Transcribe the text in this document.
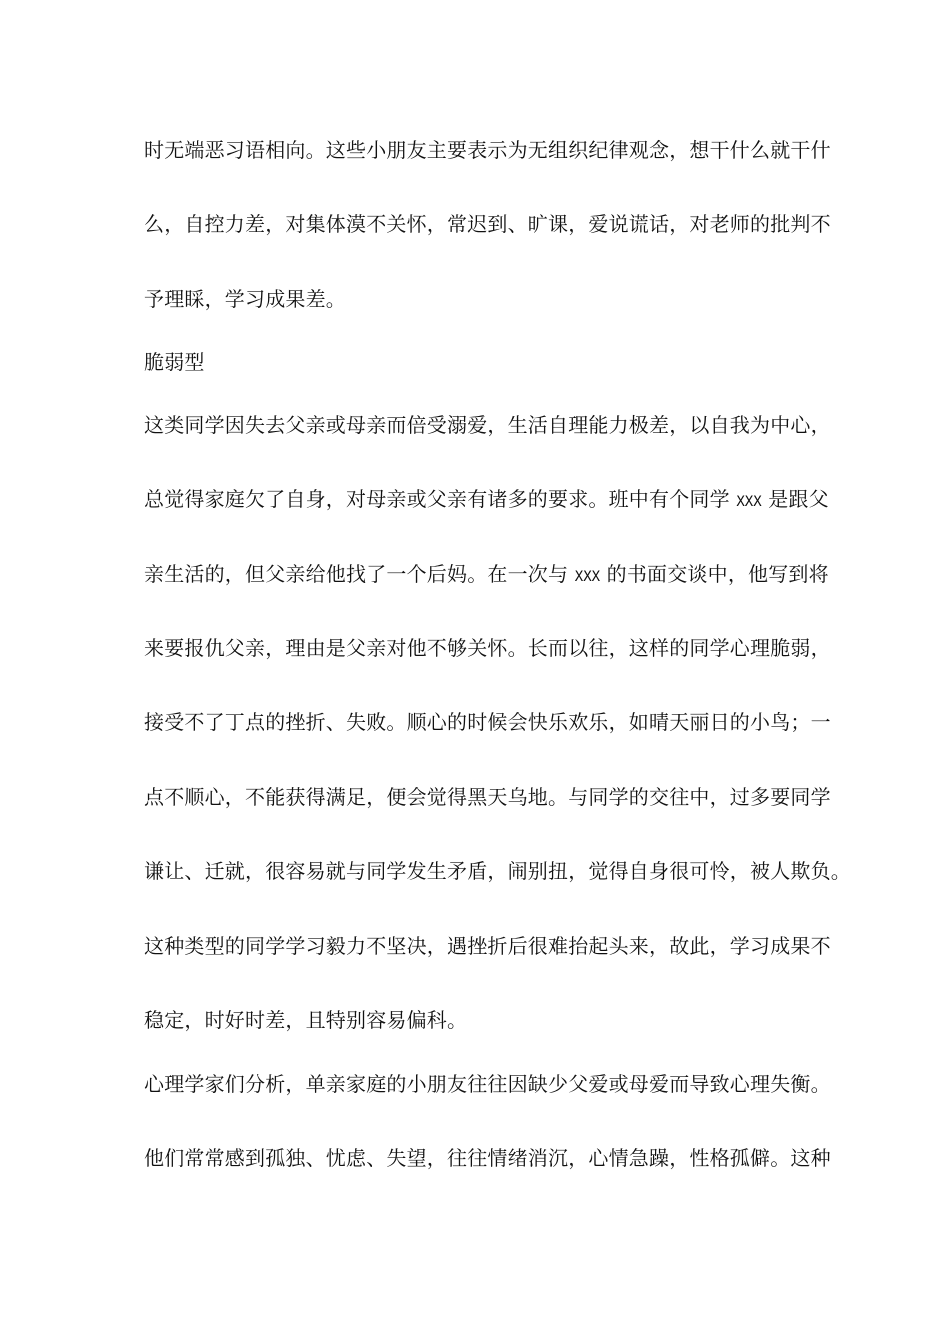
时无端恶习语相向。这些小朋友主要表示为无组织纪律观念，想干什么就干什
么，自控力差，对集体漠不关怀，常迟到、旷课，爱说谎话，对老师的批判不
予理睬，学习成果差。
脆弱型
这类同学因失去父亲或母亲而倍受溺爱，生活自理能力极差，以自我为中心，
总觉得家庭欠了自身，对母亲或父亲有诸多的要求。班中有个同学 XXX 是跟父
亲生活的，但父亲给他找了一个后妈。在一次与 XXX 的书面交谈中，他写到将
来要报仇父亲，理由是父亲对他不够关怀。长而以往，这样的同学心理脆弱，
接受不了丁点的挫折、失败。顺心的时候会快乐欢乐，如晴天丽日的小鸟；一
点不顺心，不能获得满足，便会觉得黑天乌地。与同学的交往中，过多要同学
谦让、迁就，很容易就与同学发生矛盾，闹别扭，觉得自身很可怜，被人欺负。
这种类型的同学学习毅力不坚决，遇挫折后很难抬起头来，故此，学习成果不
稳定，时好时差，且特别容易偏科。
心理学家们分析，单亲家庭的小朋友往往因缺少父爱或母爱而导致心理失衡。
他们常常感到孤独、忧虑、失望，往往情绪消沉，心情急躁，性格孤僻。这种
